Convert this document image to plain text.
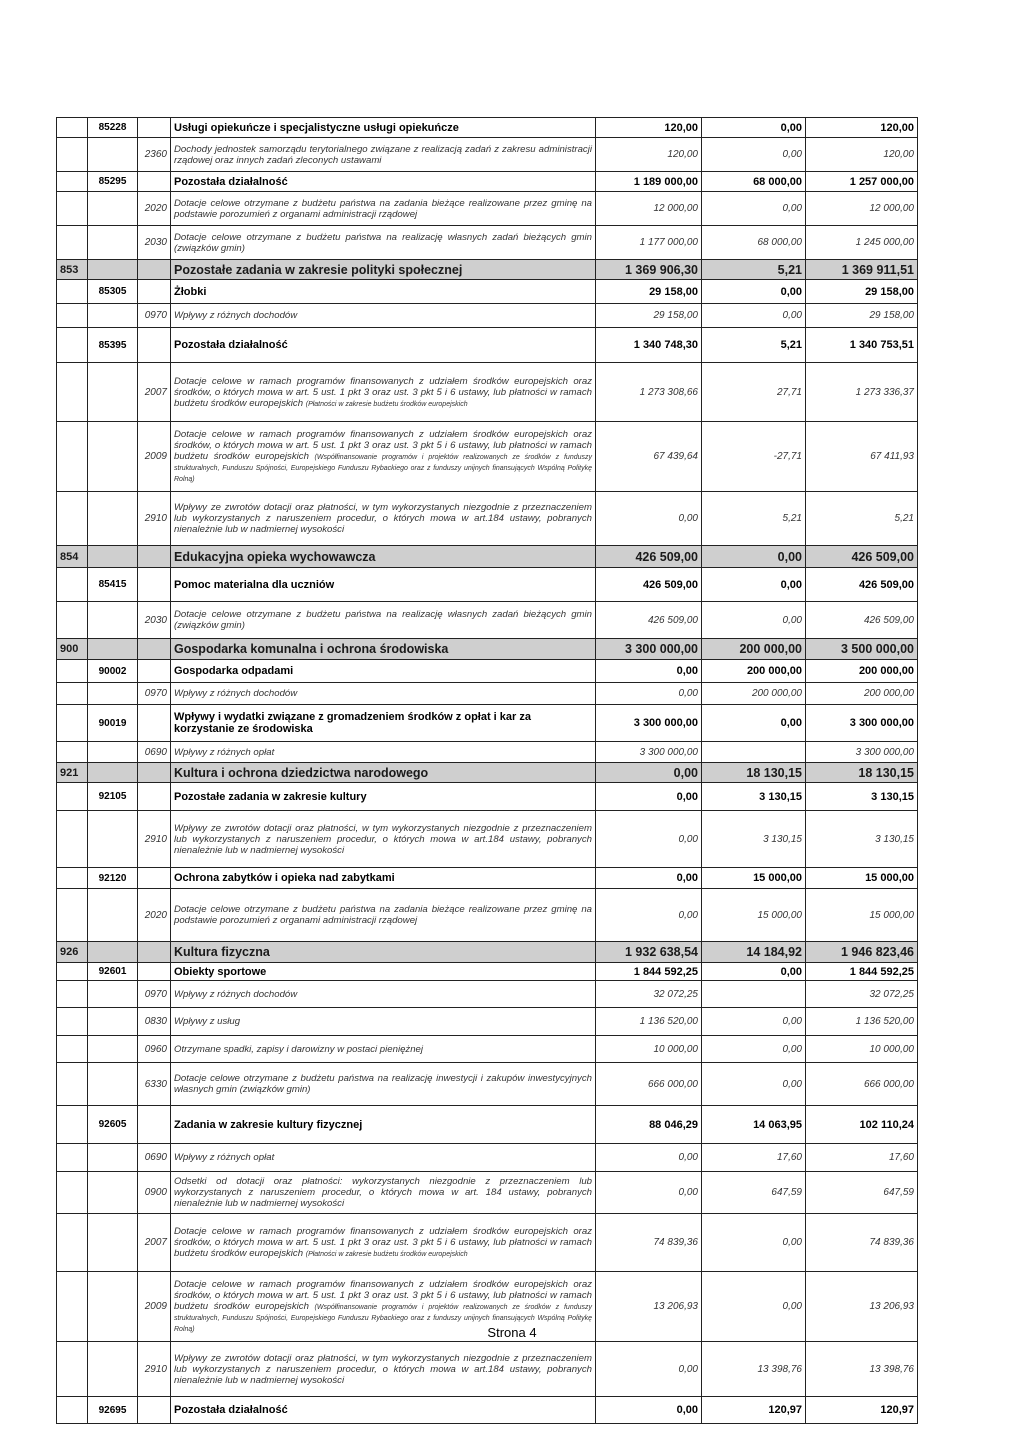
	85228		Usługi opiekuńcze i specjalistyczne usługi opiekuńcze	120,00	0,00	120,00
		2360	Dochody jednostek samorządu terytorialnego związane z realizacją zadań z zakresu administracji rządowej oraz innych zadań zleconych ustawami	120,00	0,00	120,00
	85295		Pozostała działalność	1 189 000,00	68 000,00	1 257 000,00
		2020	Dotacje celowe otrzymane z budżetu państwa na zadania bieżące realizowane przez gminę na podstawie porozumień z organami administracji rządowej	12 000,00	0,00	12 000,00
		2030	Dotacje celowe otrzymane z budżetu państwa na realizację własnych zadań bieżących gmin (związków gmin)	1 177 000,00	68 000,00	1 245 000,00
853			Pozostałe zadania w zakresie polityki społecznej	1 369 906,30	5,21	1 369 911,51
	85305		Żłobki	29 158,00	0,00	29 158,00
		0970	Wpływy z różnych dochodów	29 158,00	0,00	29 158,00
	85395		Pozostała działalność	1 340 748,30	5,21	1 340 753,51
		2007	Dotacje celowe w ramach programów finansowanych z udziałem środków europejskich oraz środków, o których mowa w art. 5 ust. 1 pkt 3 oraz ust. 3 pkt 5 i 6 ustawy, lub płatności w ramach budżetu środków europejskich (Płatności w zakresie budżetu środków europejskich	1 273 308,66	27,71	1 273 336,37
		2009	Dotacje celowe w ramach programów finansowanych z udziałem środków europejskich oraz środków, o których mowa w art. 5 ust. 1 pkt 3 oraz ust. 3 pkt 5 i 6 ustawy, lub płatności w ramach budżetu środków europejskich (Współfinansowanie programów i projektów realizowanych ze środków z funduszy strukturalnych, Funduszu Spójności, Europejskiego Funduszu Rybackiego oraz z funduszy unijnych finansujących Wspólną Politykę Rolną)	67 439,64	-27,71	67 411,93
		2910	Wpływy ze zwrotów dotacji oraz płatności, w tym wykorzystanych niezgodnie z przeznaczeniem lub wykorzystanych z naruszeniem procedur, o których mowa w art.184 ustawy, pobranych nienależnie lub w nadmiernej wysokości	0,00	5,21	5,21
854			Edukacyjna opieka wychowawcza	426 509,00	0,00	426 509,00
	85415		Pomoc materialna dla uczniów	426 509,00	0,00	426 509,00
		2030	Dotacje celowe otrzymane z budżetu państwa na realizację własnych zadań bieżących gmin (związków gmin)	426 509,00	0,00	426 509,00
900			Gospodarka komunalna i ochrona środowiska	3 300 000,00	200 000,00	3 500 000,00
	90002		Gospodarka odpadami	0,00	200 000,00	200 000,00
		0970	Wpływy z różnych dochodów	0,00	200 000,00	200 000,00
	90019		Wpływy i wydatki związane z gromadzeniem środków z opłat i kar za korzystanie ze środowiska	3 300 000,00	0,00	3 300 000,00
		0690	Wpływy z różnych opłat	3 300 000,00		3 300 000,00
921			Kultura i ochrona dziedzictwa narodowego	0,00	18 130,15	18 130,15
	92105		Pozostałe zadania w zakresie kultury	0,00	3 130,15	3 130,15
		2910	Wpływy ze zwrotów dotacji oraz płatności, w tym wykorzystanych niezgodnie z przeznaczeniem lub wykorzystanych z naruszeniem procedur, o których mowa w art.184 ustawy, pobranych nienależnie lub w nadmiernej wysokości	0,00	3 130,15	3 130,15
	92120		Ochrona zabytków i opieka nad zabytkami	0,00	15 000,00	15 000,00
		2020	Dotacje celowe otrzymane z budżetu państwa na zadania bieżące realizowane przez gminę na podstawie porozumień z organami administracji rządowej	0,00	15 000,00	15 000,00
926			Kultura fizyczna	1 932 638,54	14 184,92	1 946 823,46
	92601		Obiekty sportowe	1 844 592,25	0,00	1 844 592,25
		0970	Wpływy z różnych dochodów	32 072,25		32 072,25
		0830	Wpływy z usług	1 136 520,00	0,00	1 136 520,00
		0960	Otrzymane spadki, zapisy i darowizny w postaci pieniężnej	10 000,00	0,00	10 000,00
		6330	Dotacje celowe otrzymane z budżetu państwa na realizację inwestycji i zakupów inwestycyjnych własnych gmin (związków gmin)	666 000,00	0,00	666 000,00
	92605		Zadania w zakresie kultury fizycznej	88 046,29	14 063,95	102 110,24
		0690	Wpływy z różnych opłat	0,00	17,60	17,60
		0900	Odsetki od dotacji oraz płatności: wykorzystanych niezgodnie z przeznaczeniem lub wykorzystanych z naruszeniem procedur, o których mowa w art. 184 ustawy, pobranych nienależnie lub w nadmiernej wysokości	0,00	647,59	647,59
		2007	Dotacje celowe w ramach programów finansowanych z udziałem środków europejskich oraz środków, o których mowa w art. 5 ust. 1 pkt 3 oraz ust. 3 pkt 5 i 6 ustawy, lub płatności w ramach budżetu środków europejskich (Płatności w zakresie budżetu środków europejskich	74 839,36	0,00	74 839,36
		2009	Dotacje celowe w ramach programów finansowanych z udziałem środków europejskich oraz środków, o których mowa w art. 5 ust. 1 pkt 3 oraz ust. 3 pkt 5 i 6 ustawy, lub płatności w ramach budżetu środków europejskich (Współfinansowanie programów i projektów realizowanych ze środków z funduszy strukturalnych, Funduszu Spójności, Europejskiego Funduszu Rybackiego oraz z funduszy unijnych finansujących Wspólną Politykę Rolną)	13 206,93	0,00	13 206,93
		2910	Wpływy ze zwrotów dotacji oraz płatności, w tym wykorzystanych niezgodnie z przeznaczeniem lub wykorzystanych z naruszeniem procedur, o których mowa w art.184 ustawy, pobranych nienależnie lub w nadmiernej wysokości	0,00	13 398,76	13 398,76
	92695		Pozostała działalność	0,00	120,97	120,97
Strona 4
